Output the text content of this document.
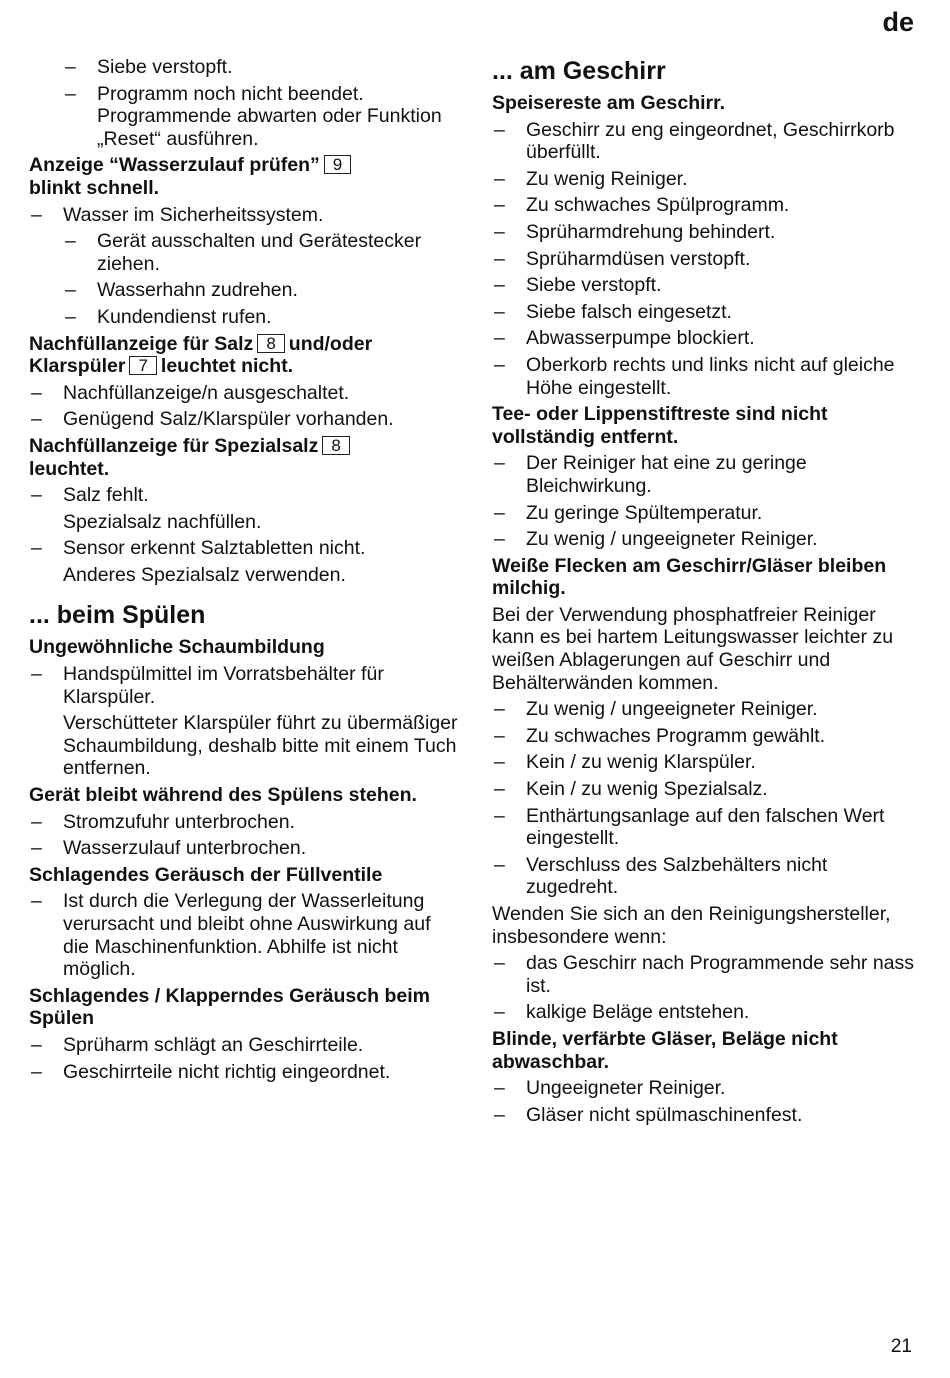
de
– Siebe verstopft.
– Programm noch nicht beendet. Programmende abwarten oder Funktion „Reset“ ausführen.
Anzeige “Wasserzulauf prüfen” 9
blinkt schnell.
– Wasser im Sicherheitssystem.
– Gerät ausschalten und Gerätestecker ziehen.
– Wasserhahn zudrehen.
– Kundendienst rufen.
Nachfüllanzeige für Salz 8 und/oder Klarspüler 7 leuchtet nicht.
– Nachfüllanzeige/n ausgeschaltet.
– Genügend Salz/Klarspüler vorhanden.
Nachfüllanzeige für Spezialsalz 8
leuchtet.
– Salz fehlt.
Spezialsalz nachfüllen.
– Sensor erkennt Salztabletten nicht.
Anderes Spezialsalz verwenden.
... beim Spülen
Ungewöhnliche Schaumbildung
– Handspülmittel im Vorratsbehälter für Klarspüler.
Verschütteter Klarspüler führt zu übermäßiger Schaumbildung, deshalb bitte mit einem Tuch entfernen.
Gerät bleibt während des Spülens stehen.
– Stromzufuhr unterbrochen.
– Wasserzulauf unterbrochen.
Schlagendes Geräusch der Füllventile
– Ist durch die Verlegung der Wasserleitung verursacht und bleibt ohne Auswirkung auf die Maschinenfunktion. Abhilfe ist nicht möglich.
Schlagendes / Klapperndes Geräusch beim Spülen
– Sprüharm schlägt an Geschirrteile.
– Geschirrteile nicht richtig eingeordnet.
... am Geschirr
Speisereste am Geschirr.
– Geschirr zu eng eingeordnet, Geschirrkorb überfüllt.
– Zu wenig Reiniger.
– Zu schwaches Spülprogramm.
– Sprüharmdrehung behindert.
– Sprüharmdüsen verstopft.
– Siebe verstopft.
– Siebe falsch eingesetzt.
– Abwasserpumpe blockiert.
– Oberkorb rechts und links nicht auf gleiche Höhe eingestellt.
Tee- oder Lippenstiftreste sind nicht vollständig entfernt.
– Der Reiniger hat eine zu geringe Bleichwirkung.
– Zu geringe Spültemperatur.
– Zu wenig / ungeeigneter Reiniger.
Weiße Flecken am Geschirr/Gläser bleiben milchig.
Bei der Verwendung phosphatfreier Reiniger kann es bei hartem Leitungswasser leichter zu weißen Ablagerungen auf Geschirr und Behälterwänden kommen.
– Zu wenig / ungeeigneter Reiniger.
– Zu schwaches Programm gewählt.
– Kein / zu wenig Klarspüler.
– Kein / zu wenig Spezialsalz.
– Enthärtungsanlage auf den falschen Wert eingestellt.
– Verschluss des Salzbehälters nicht zugedreht.
Wenden Sie sich an den Reinigungshersteller, insbesondere wenn:
– das Geschirr nach Programmende sehr nass ist.
– kalkige Beläge entstehen.
Blinde, verfärbte Gläser, Beläge nicht abwaschbar.
– Ungeeigneter Reiniger.
– Gläser nicht spülmaschinenfest.
21
